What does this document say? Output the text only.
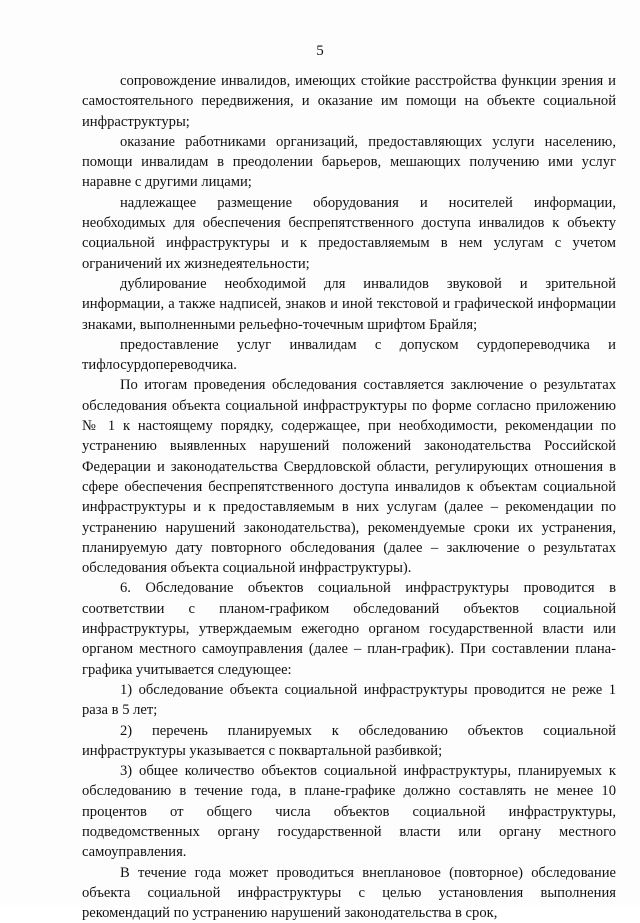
5

сопровождение инвалидов, имеющих стойкие расстройства функции зрения и самостоятельного передвижения, и оказание им помощи на объекте социальной инфраструктуры;

оказание работниками организаций, предоставляющих услуги населению, помощи инвалидам в преодолении барьеров, мешающих получению ими услуг наравне с другими лицами;

надлежащее размещение оборудования и носителей информации, необходимых для обеспечения беспрепятственного доступа инвалидов к объекту социальной инфраструктуры и к предоставляемым в нем услугам с учетом ограничений их жизнедеятельности;

дублирование необходимой для инвалидов звуковой и зрительной информации, а также надписей, знаков и иной текстовой и графической информации знаками, выполненными рельефно-точечным шрифтом Брайля;

предоставление услуг инвалидам с допуском сурдопереводчика и тифлосурдопереводчика.

По итогам проведения обследования составляется заключение о результатах обследования объекта социальной инфраструктуры по форме согласно приложению № 1 к настоящему порядку, содержащее, при необходимости, рекомендации по устранению выявленных нарушений положений законодательства Российской Федерации и законодательства Свердловской области, регулирующих отношения в сфере обеспечения беспрепятственного доступа инвалидов к объектам социальной инфраструктуры и к предоставляемым в них услугам (далее – рекомендации по устранению нарушений законодательства), рекомендуемые сроки их устранения, планируемую дату повторного обследования (далее – заключение о результатах обследования объекта социальной инфраструктуры).

6. Обследование объектов социальной инфраструктуры проводится в соответствии с планом-графиком обследований объектов социальной инфраструктуры, утверждаемым ежегодно органом государственной власти или органом местного самоуправления (далее – план-график). При составлении плана-графика учитывается следующее:

1) обследование объекта социальной инфраструктуры проводится не реже 1 раза в 5 лет;

2) перечень планируемых к обследованию объектов социальной инфраструктуры указывается с поквартальной разбивкой;

3) общее количество объектов социальной инфраструктуры, планируемых к обследованию в течение года, в плане-графике должно составлять не менее 10 процентов от общего числа объектов социальной инфраструктуры, подведомственных органу государственной власти или органу местного самоуправления.

В течение года может проводиться внеплановое (повторное) обследование объекта социальной инфраструктуры с целью установления выполнения рекомендаций по устранению нарушений законодательства в срок,
